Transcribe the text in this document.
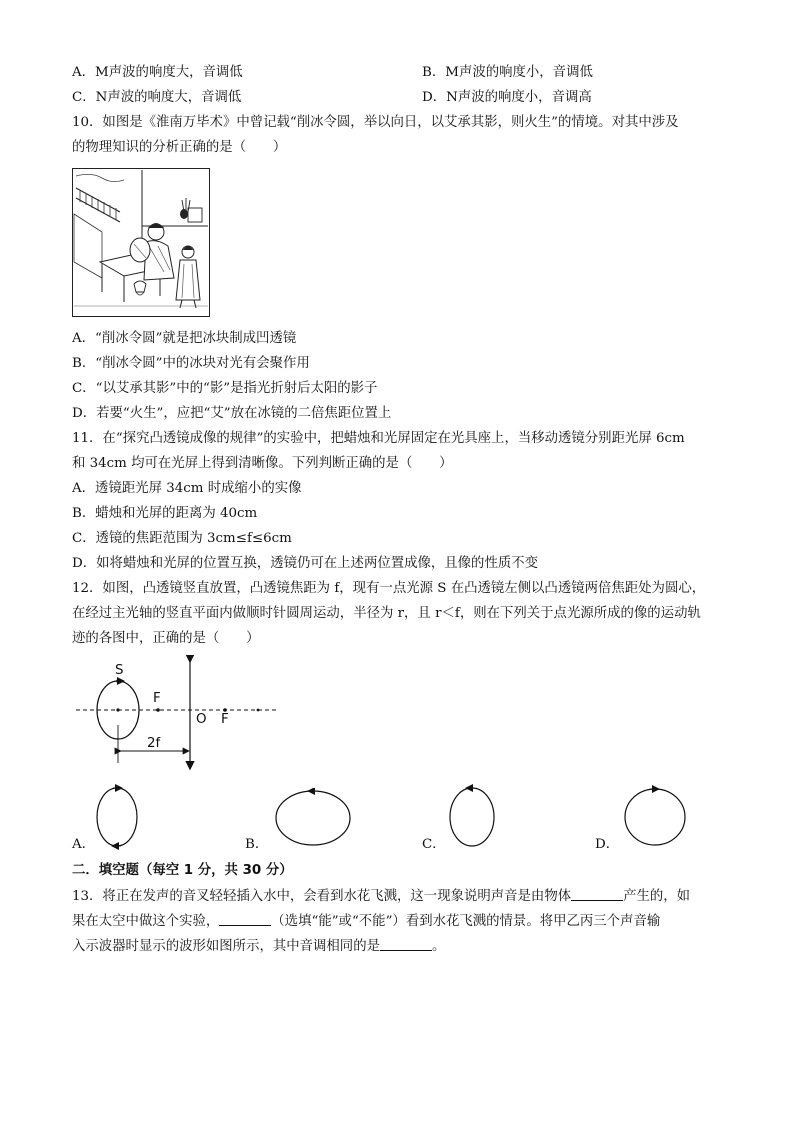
A．M声波的响度大，音调低	B．M声波的响度小，音调低
C．N声波的响度大，音调低	D．N声波的响度小，音调高
10．如图是《淮南万毕术》中曾记载“削冰令圆，举以向日，以艾承其影，则火生”的情境。对其中涉及
的物理知识的分析正确的是（　　）
A．“削冰令圆”就是把冰块制成凹透镜
B．“削冰令圆”中的冰块对光有会聚作用
C．“以艾承其影”中的“影”是指光折射后太阳的影子
D．若要“火生”，应把“艾”放在冰镜的二倍焦距位置上
11．在“探究凸透镜成像的规律”的实验中，把蜡烛和光屏固定在光具座上，当移动透镜分别距光屏 6cm
和 34cm 均可在光屏上得到清晰像。下列判断正确的是（　　）
A．透镜距光屏 34cm 时成缩小的实像
B．蜡烛和光屏的距离为 40cm
C．透镜的焦距范围为 3cm≤f≤6cm
D．如将蜡烛和光屏的位置互换，透镜仍可在上述两位置成像，且像的性质不变
12．如图，凸透镜竖直放置，凸透镜焦距为 f，现有一点光源 S 在凸透镜左侧以凸透镜两倍焦距处为圆心，
在经过主光轴的竖直平面内做顺时针圆周运动，半径为 r，且 r＜f，则在下列关于点光源所成的像的运动轨
迹的各图中，正确的是（　　）
S
F
O F
2f
A．	B．	C．	D．
二．填空题（每空 1 分，共 30 分）
13．将正在发声的音叉轻轻插入水中，会看到水花飞溅，这一现象说明声音是由物体	产生的，如
果在太空中做这个实验，	（选填“能”或“不能”）看到水花飞溅的情景。将甲乙丙三个声音输
入示波器时显示的波形如图所示，其中音调相同的是	。
